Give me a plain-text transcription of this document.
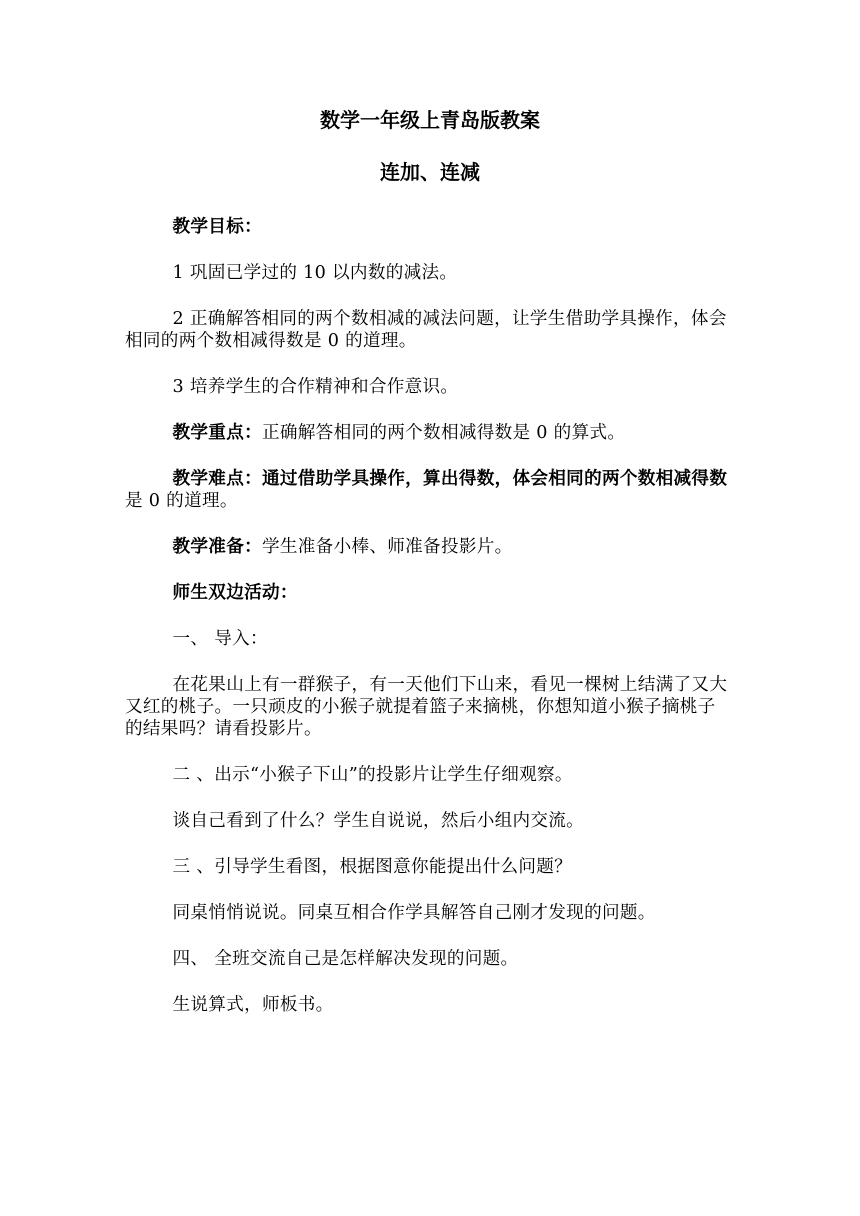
数学一年级上青岛版教案
连加、连减

教学目标：

1 巩固已学过的 10 以内数的减法。

2 正确解答相同的两个数相减的减法问题，让学生借助学具操作，体会相同的两个数相减得数是 0 的道理。

3 培养学生的合作精神和合作意识。

教学重点：正确解答相同的两个数相减得数是 0 的算式。

教学难点：通过借助学具操作，算出得数，体会相同的两个数相减得数是 0 的道理。

教学准备：学生准备小棒、师准备投影片。

师生双边活动：

一、 导入：

在花果山上有一群猴子，有一天他们下山来，看见一棵树上结满了又大又红的桃子。一只顽皮的小猴子就提着篮子来摘桃，你想知道小猴子摘桃子的结果吗？请看投影片。

二 、出示“小猴子下山”的投影片让学生仔细观察。

谈自己看到了什么？学生自说说，然后小组内交流。

三 、引导学生看图，根据图意你能提出什么问题？

同桌悄悄说说。同桌互相合作学具解答自己刚才发现的问题。

四、 全班交流自己是怎样解决发现的问题。

生说算式，师板书。
